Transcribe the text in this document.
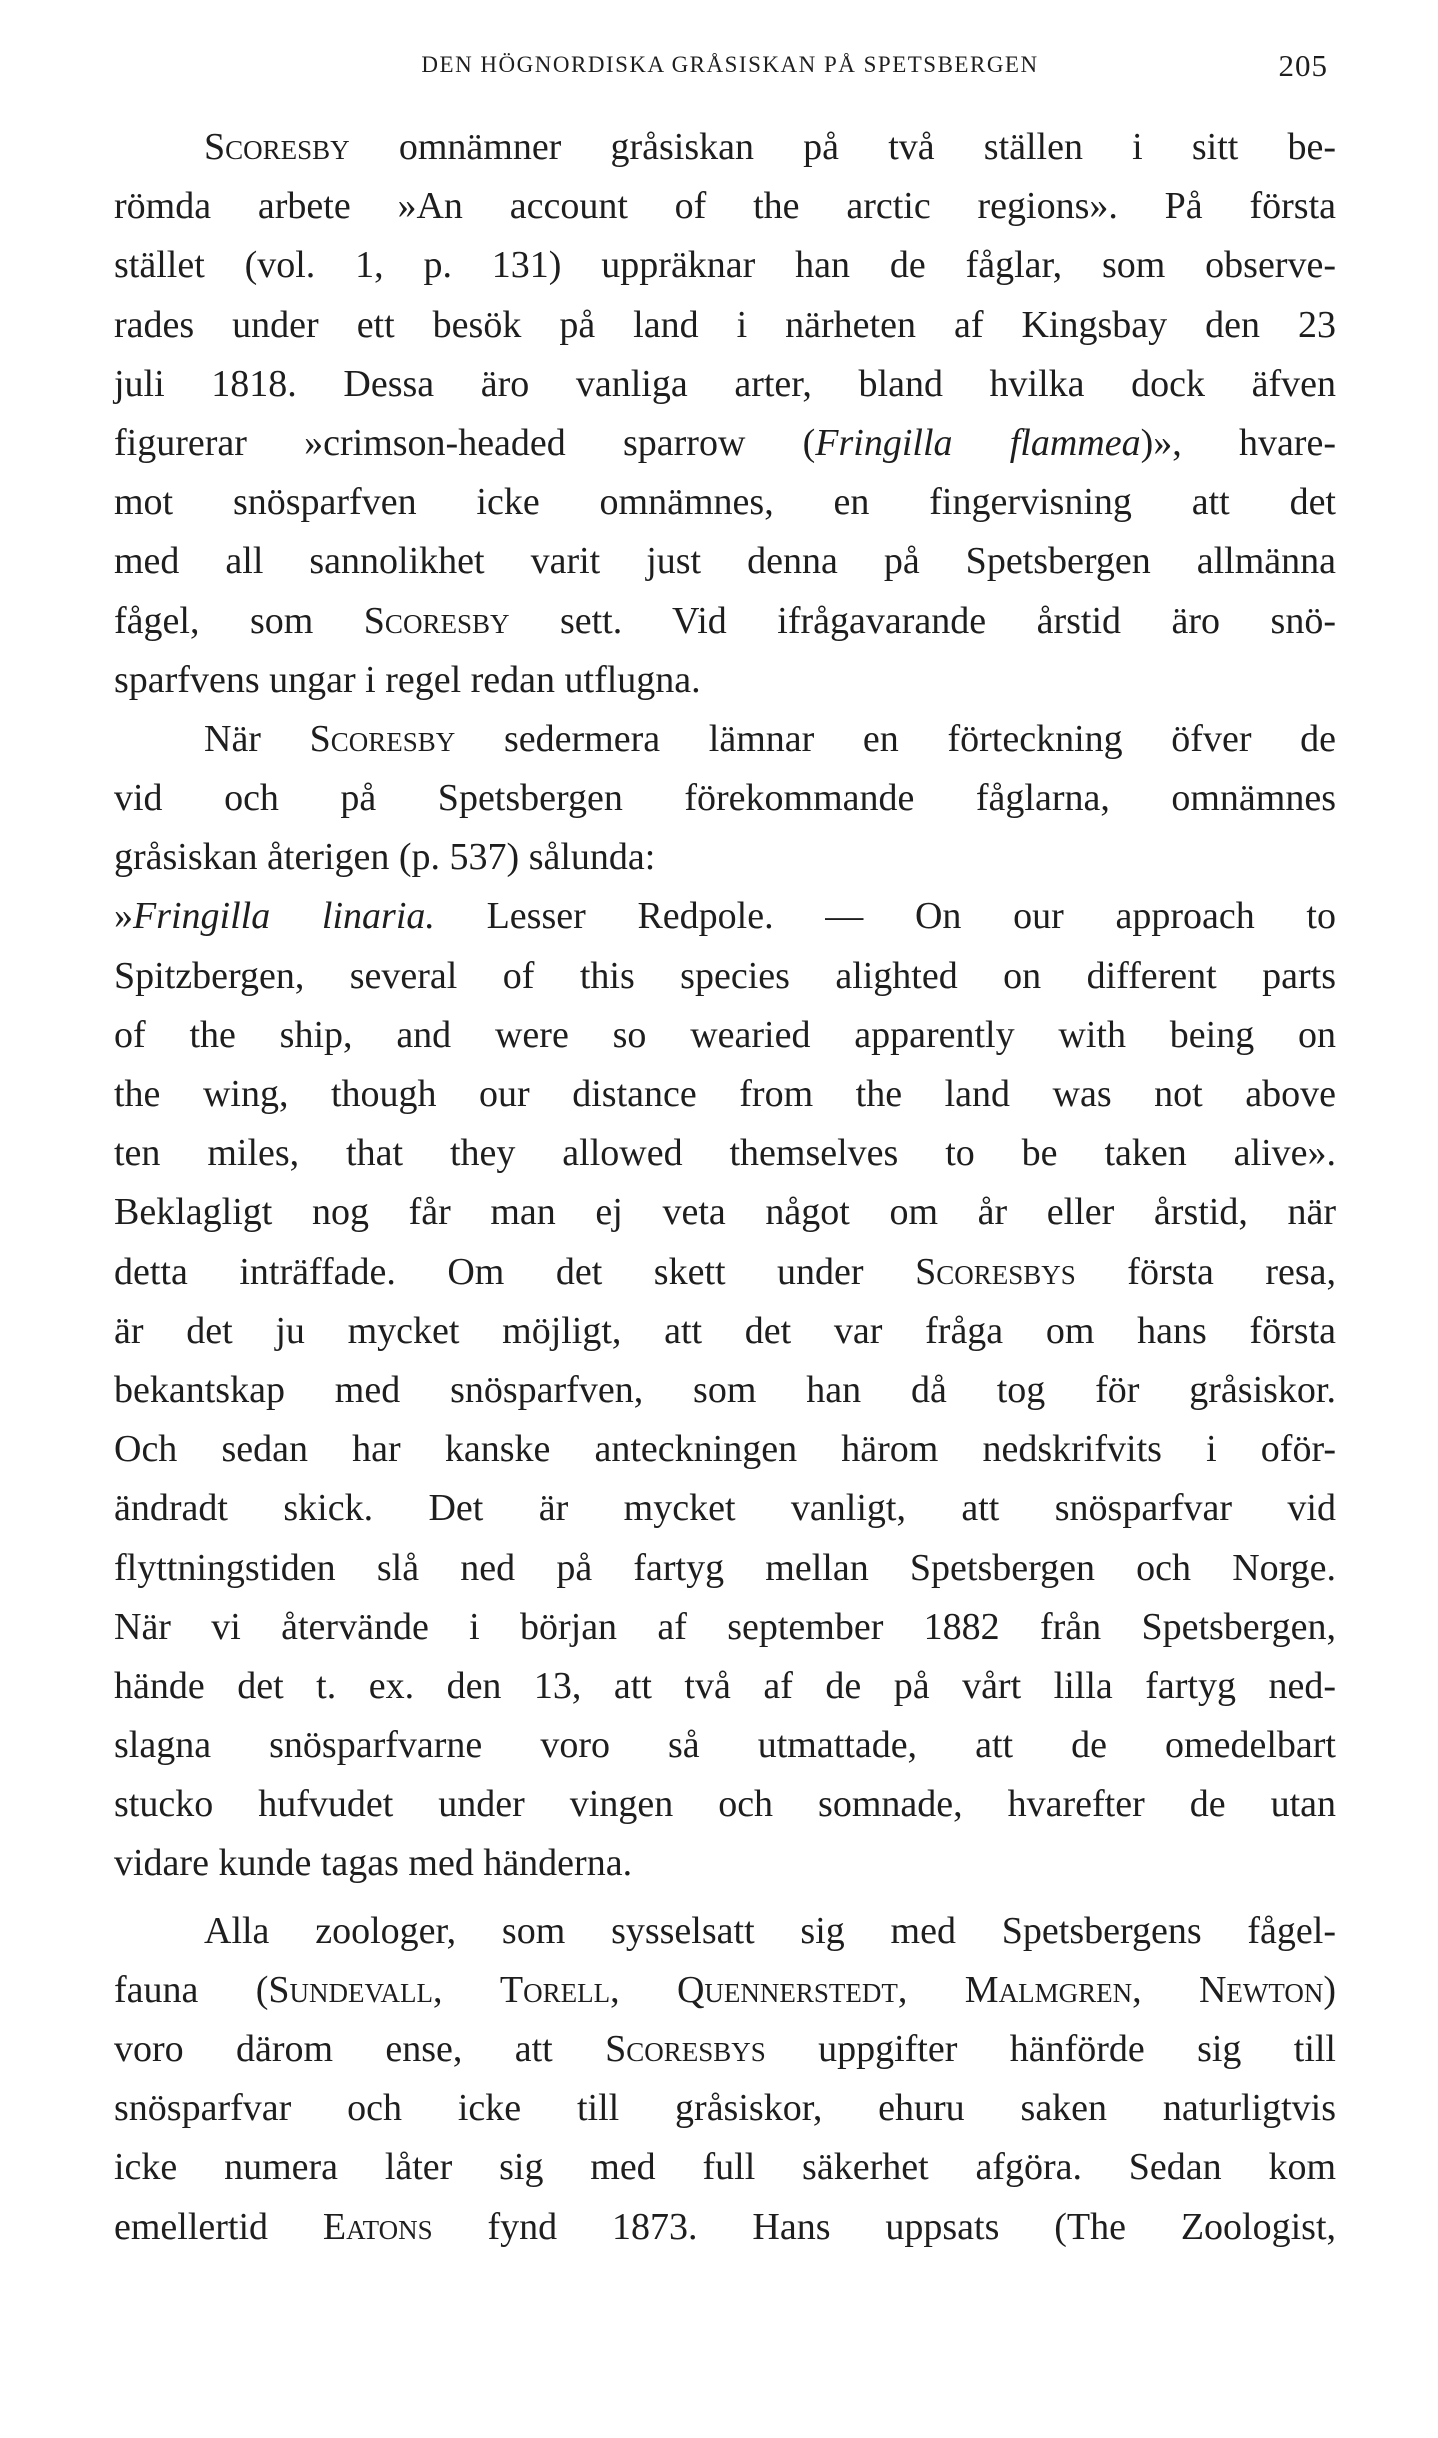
DEN HÖGNORDISKA GRÅSISKAN PÅ SPETSBERGEN	205
Scoresby omnämner gråsiskan på två ställen i sitt be-
römda arbete »An account of the arctic regions». På första
stället (vol. 1, p. 131) uppräknar han de fåglar, som observe-
rades under ett besök på land i närheten af Kingsbay den 23
juli 1818. Dessa äro vanliga arter, bland hvilka dock äfven
figurerar »crimson-headed sparrow (Fringilla flammea)», hvare-
mot snösparfven icke omnämnes, en fingervisning att det
med all sannolikhet varit just denna på Spetsbergen allmänna
fågel, som Scoresby sett. Vid ifrågavarande årstid äro snö-
sparfvens ungar i regel redan utflugna.
När Scoresby sedermera lämnar en förteckning öfver de
vid och på Spetsbergen förekommande fåglarna, omnämnes
gråsiskan återigen (p. 537) sålunda:
»Fringilla linaria. Lesser Redpole. — On our approach to
Spitzbergen, several of this species alighted on different parts
of the ship, and were so wearied apparently with being on
the wing, though our distance from the land was not above
ten miles, that they allowed themselves to be taken alive».
Beklagligt nog får man ej veta något om år eller årstid, när
detta inträffade. Om det skett under Scoresbys första resa,
är det ju mycket möjligt, att det var fråga om hans första
bekantskap med snösparfven, som han då tog för gråsiskor.
Och sedan har kanske anteckningen härom nedskrifvits i oför-
ändradt skick. Det är mycket vanligt, att snösparfvar vid
flyttningstiden slå ned på fartyg mellan Spetsbergen och Norge.
När vi återvände i början af september 1882 från Spetsbergen,
hände det t. ex. den 13, att två af de på vårt lilla fartyg ned-
slagna snösparfvarne voro så utmattade, att de omedelbart
stucko hufvudet under vingen och somnade, hvarefter de utan
vidare kunde tagas med händerna.
Alla zoologer, som sysselsatt sig med Spetsbergens fågel-
fauna (Sundevall, Torell, Quennerstedt, Malmgren, Newton)
voro därom ense, att Scoresbys uppgifter hänförde sig till
snösparfvar och icke till gråsiskor, ehuru saken naturligtvis
icke numera låter sig med full säkerhet afgöra. Sedan kom
emellertid Eatons fynd 1873. Hans uppsats (The Zoologist,
